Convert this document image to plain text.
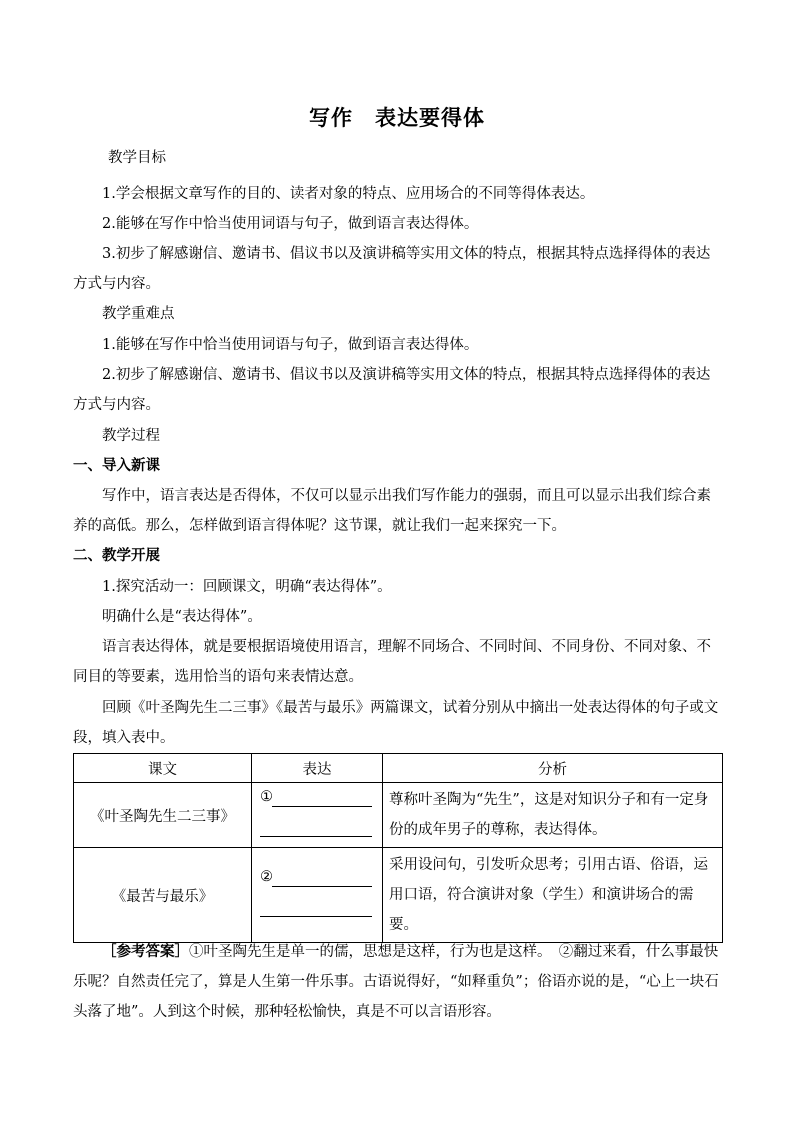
写作　表达要得体
教学目标
1.学会根据文章写作的目的、读者对象的特点、应用场合的不同等得体表达。
2.能够在写作中恰当使用词语与句子，做到语言表达得体。
3.初步了解感谢信、邀请书、倡议书以及演讲稿等实用文体的特点，根据其特点选择得体的表达方式与内容。
教学重难点
1.能够在写作中恰当使用词语与句子，做到语言表达得体。
2.初步了解感谢信、邀请书、倡议书以及演讲稿等实用文体的特点，根据其特点选择得体的表达方式与内容。
教学过程
一、导入新课
写作中，语言表达是否得体，不仅可以显示出我们写作能力的强弱，而且可以显示出我们综合素养的高低。那么，怎样做到语言得体呢？这节课，就让我们一起来探究一下。
二、教学开展
1.探究活动一：回顾课文，明确“表达得体”。
明确什么是“表达得体”。
语言表达得体，就是要根据语境使用语言，理解不同场合、不同时间、不同身份、不同对象、不同目的等要素，选用恰当的语句来表情达意。
回顾《叶圣陶先生二三事》《最苦与最乐》两篇课文，试着分别从中摘出一处表达得体的句子或文段，填入表中。
课文	表达	分析
《叶圣陶先生二三事》	①	尊称叶圣陶为“先生”，这是对知识分子和有一定身份的成年男子的尊称，表达得体。
《最苦与最乐》	②	采用设问句，引发听众思考；引用古语、俗语，运用口语，符合演讲对象（学生）和演讲场合的需要。
［参考答案］①叶圣陶先生是单一的儒，思想是这样，行为也是这样。　②翻过来看，什么事最快乐呢？自然责任完了，算是人生第一件乐事。古语说得好，“如释重负”；俗语亦说的是，“心上一块石头落了地”。人到这个时候，那种轻松愉快，真是不可以言语形容。
